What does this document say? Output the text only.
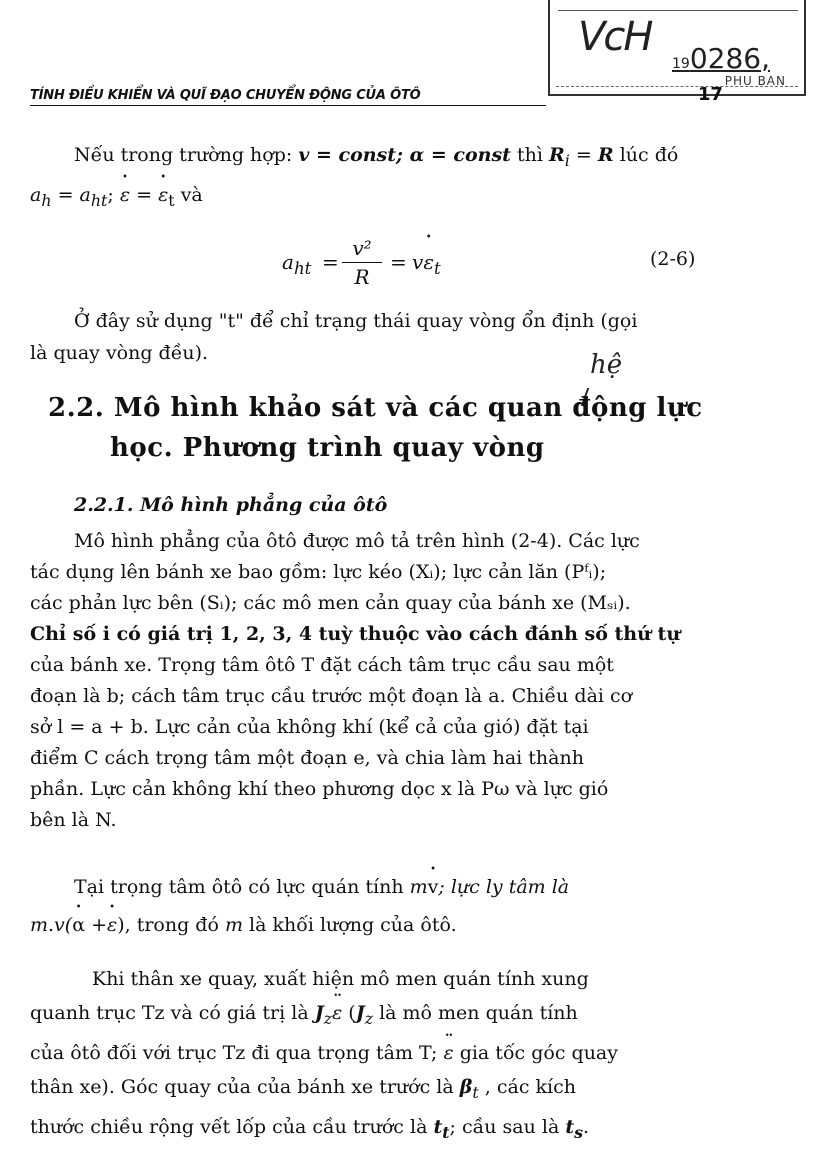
VcH
190286,
PHU BAN
TÍNH ĐIỀU KHIỂN VÀ QUĨ ĐẠO CHUYỂN ĐỘNG CỦA ÔTÔ	17
Nếu trong trường hợp: v = const; α = const thì $R_i = R$ lúc đó
$a_h = a_{ht}$; • ε = • $\varepsilon_t$ và
$a_{ht}$ =
v²
R
= v• $\varepsilon_t$	(2-6)
Ở đây sử dụng "t" để chỉ trạng thái quay vòng ổn định (gọi
là quay vòng đều).	hệ
2.2. Mô hình khảo sát và các quan động lực
học. Phương trình quay vòng
2.2.1. Mô hình phẳng của ôtô
Mô hình phẳng của ôtô được mô tả trên hình (2-4). Các lực
tác dụng lên bánh xe bao gồm: lực kéo (Xᵢ); lực cản lăn (Pᶠᵢ);
các phản lực bên (Sᵢ); các mô men cản quay của bánh xe (Mₛᵢ).
Chỉ số i có giá trị 1, 2, 3, 4 tuỳ thuộc vào cách đánh số thứ tự
của bánh xe. Trọng tâm ôtô T đặt cách tâm trục cầu sau một
đoạn là b; cách tâm trục cầu trước một đoạn là a. Chiều dài cơ
sở l = a + b. Lực cản của không khí (kể cả của gió) đặt tại
điểm C cách trọng tâm một đoạn e, và chia làm hai thành
phần. Lực cản không khí theo phương dọc x là Pω và lực gió
bên là N.
Tại trọng tâm ôtô có lực quán tính m• v; lực ly tâm là
m.v(• α +• ε), trong đó m là khối lượng của ôtô.
Khi thân xe quay, xuất hiện mô men quán tính xung
quanh trục Tz và có giá trị là $J_z••$ ε ($J_z$ là mô men quán tính
của ôtô đối với trục Tz đi qua trọng tâm T; •• ε gia tốc góc quay
thân xe). Góc quay của của bánh xe trước là $\beta_t$ , các kích
thước chiều rộng vết lốp của cầu trước là $t_t$; cầu sau là $t_s$.
